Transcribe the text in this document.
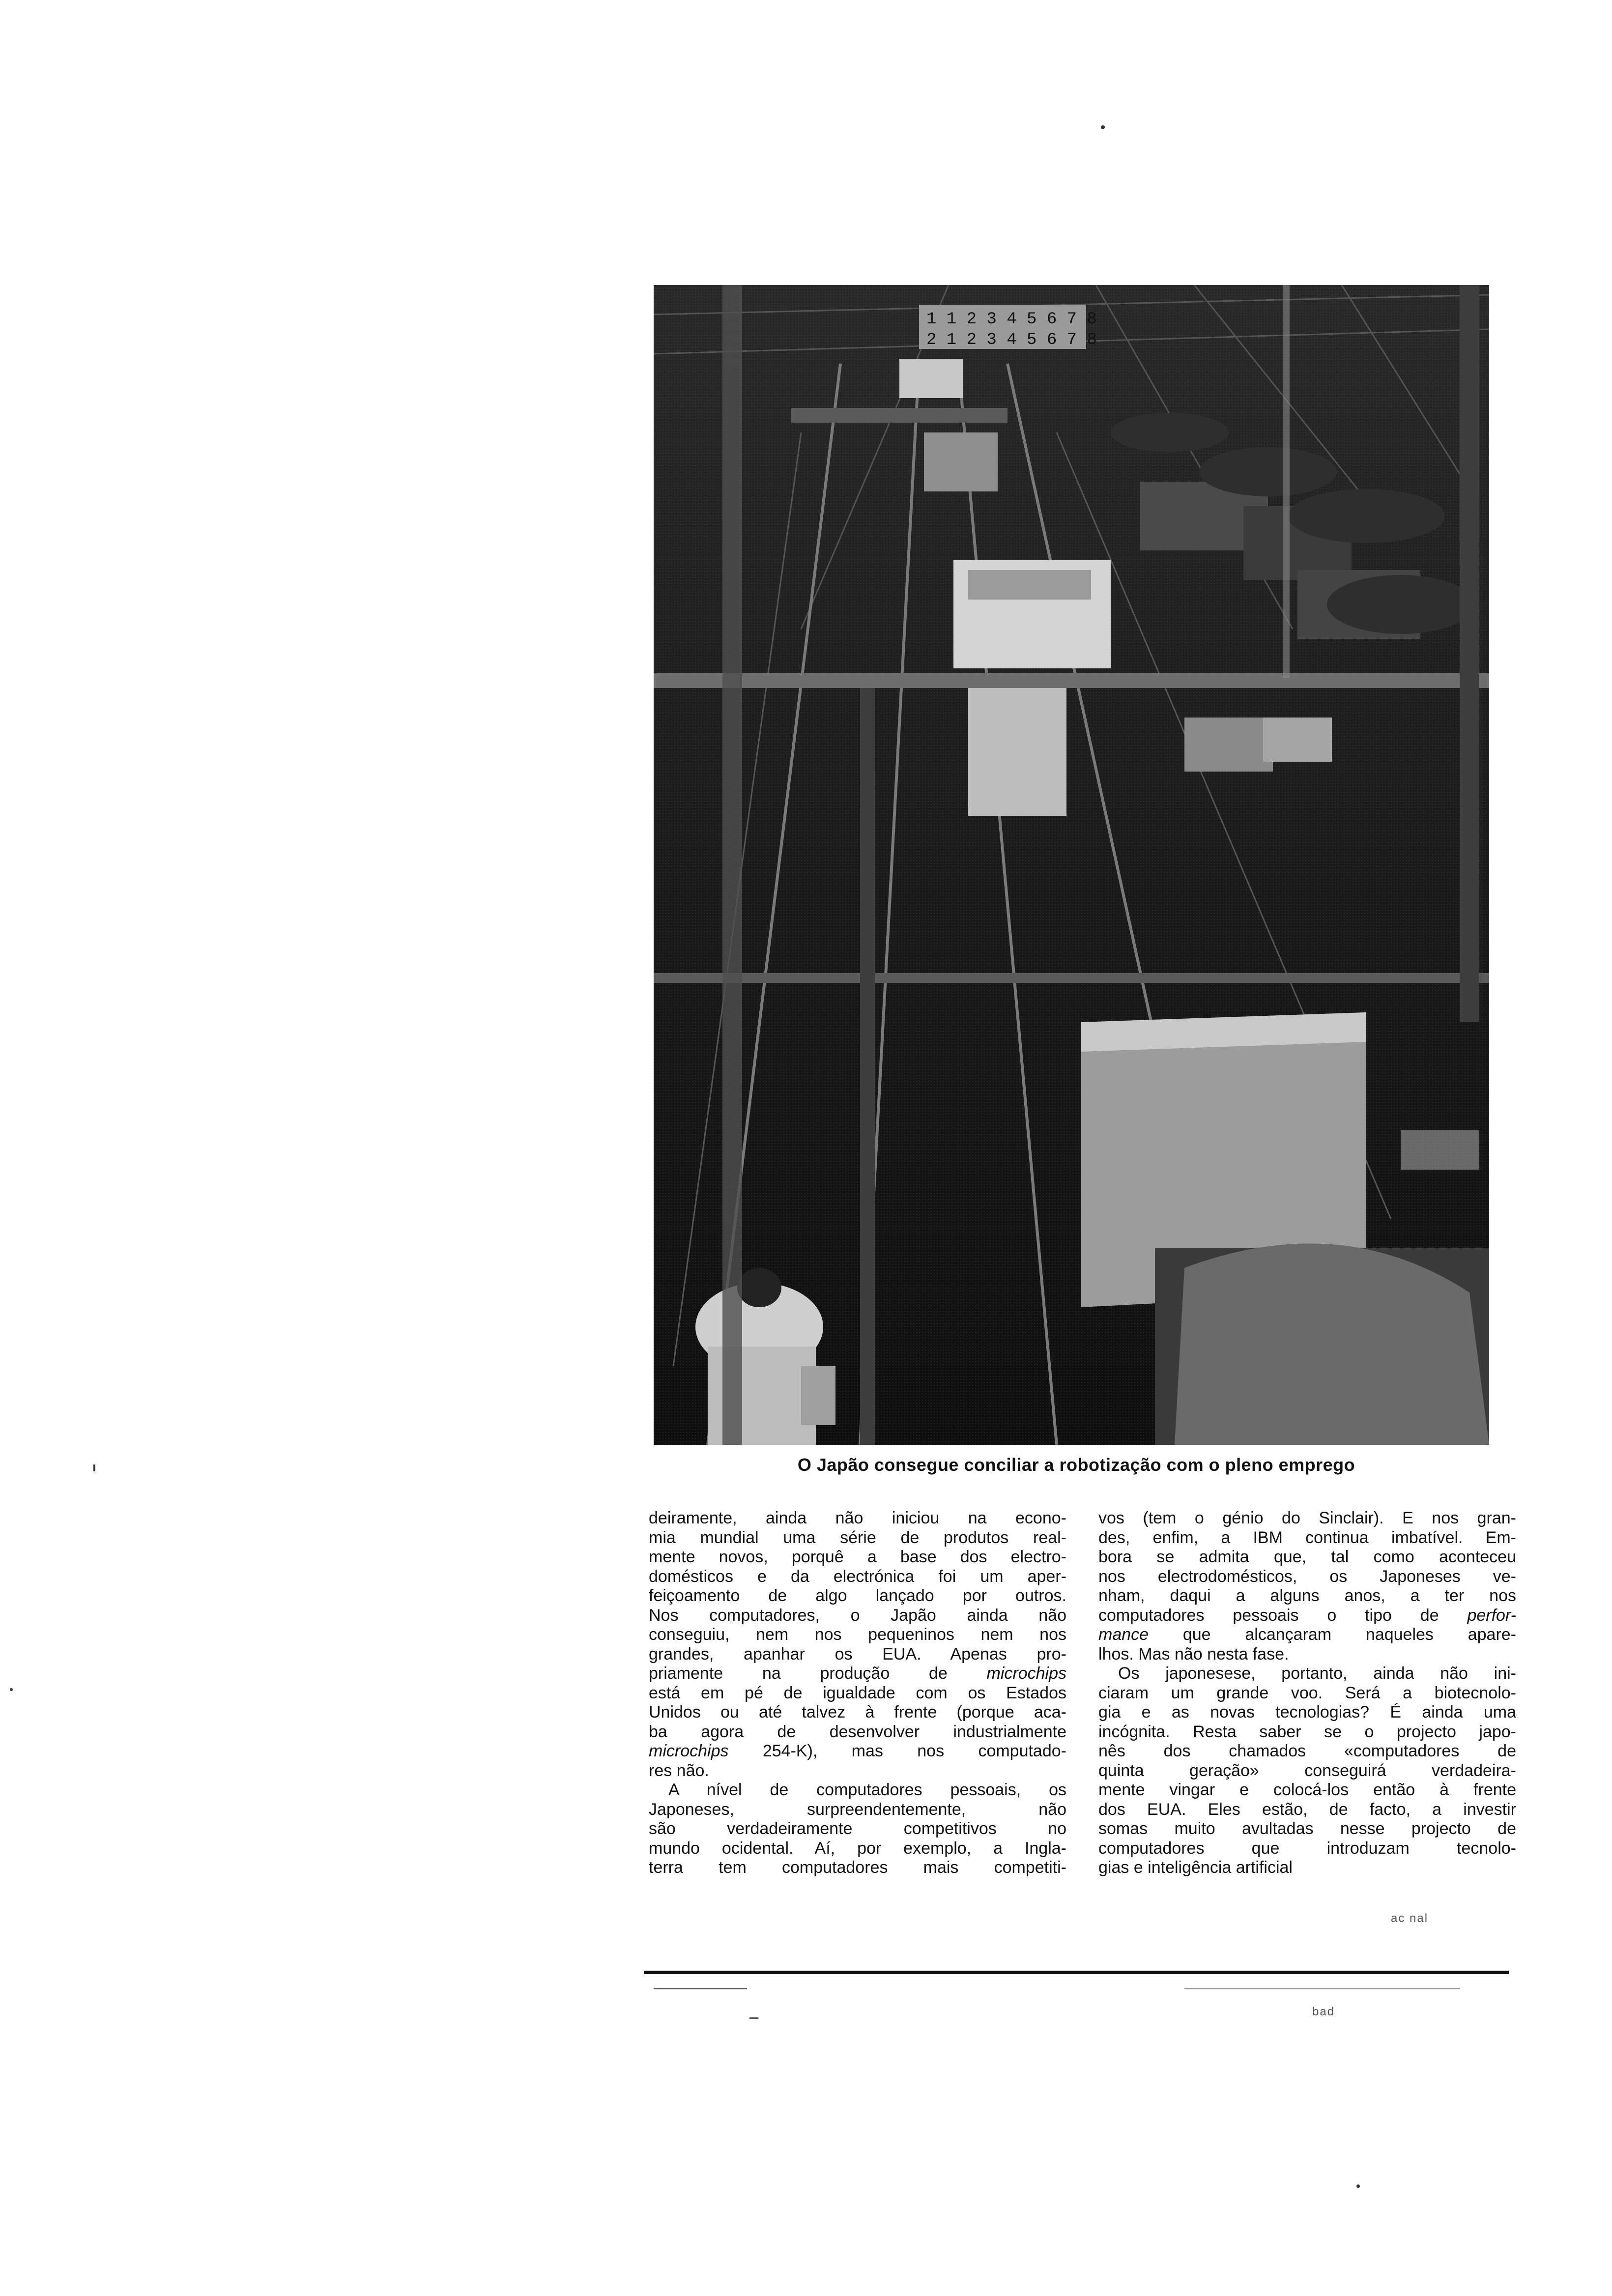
1 1 2 3 4 5 6 7 8
2 1 2 3 4 5 6 7 8
O Japão consegue conciliar a robotização com o pleno emprego
deiramente, ainda não iniciou na econo-
mia mundial uma série de produtos real-
mente novos, porquê a base dos electro-
domésticos e da electrónica foi um aper-
feiçoamento de algo lançado por outros.
Nos computadores, o Japão ainda não
conseguiu, nem nos pequeninos nem nos
grandes, apanhar os EUA. Apenas pro-
priamente na produção de microchips
está em pé de igualdade com os Estados
Unidos ou até talvez à frente (porque aca-
ba agora de desenvolver industrialmente
microchips 254-K), mas nos computado-
res não.
A nível de computadores pessoais, os
Japoneses, surpreendentemente, não
são verdadeiramente competitivos no
mundo ocidental. Aí, por exemplo, a Ingla-
terra tem computadores mais competiti-
vos (tem o génio do Sinclair). E nos gran-
des, enfim, a IBM continua imbatível. Em-
bora se admita que, tal como aconteceu
nos electrodomésticos, os Japoneses ve-
nham, daqui a alguns anos, a ter nos
computadores pessoais o tipo de perfor-
mance que alcançaram naqueles apare-
lhos. Mas não nesta fase.
Os japonesese, portanto, ainda não ini-
ciaram um grande voo. Será a biotecnolo-
gia e as novas tecnologias? É ainda uma
incógnita. Resta saber se o projecto japo-
nês dos chamados «computadores de
quinta geração» conseguirá verdadeira-
mente vingar e colocá-los então à frente
dos EUA. Eles estão, de facto, a investir
somas muito avultadas nesse projecto de
computadores que introduzam tecnolo-
gias e inteligência artificial
ac nal
bad
